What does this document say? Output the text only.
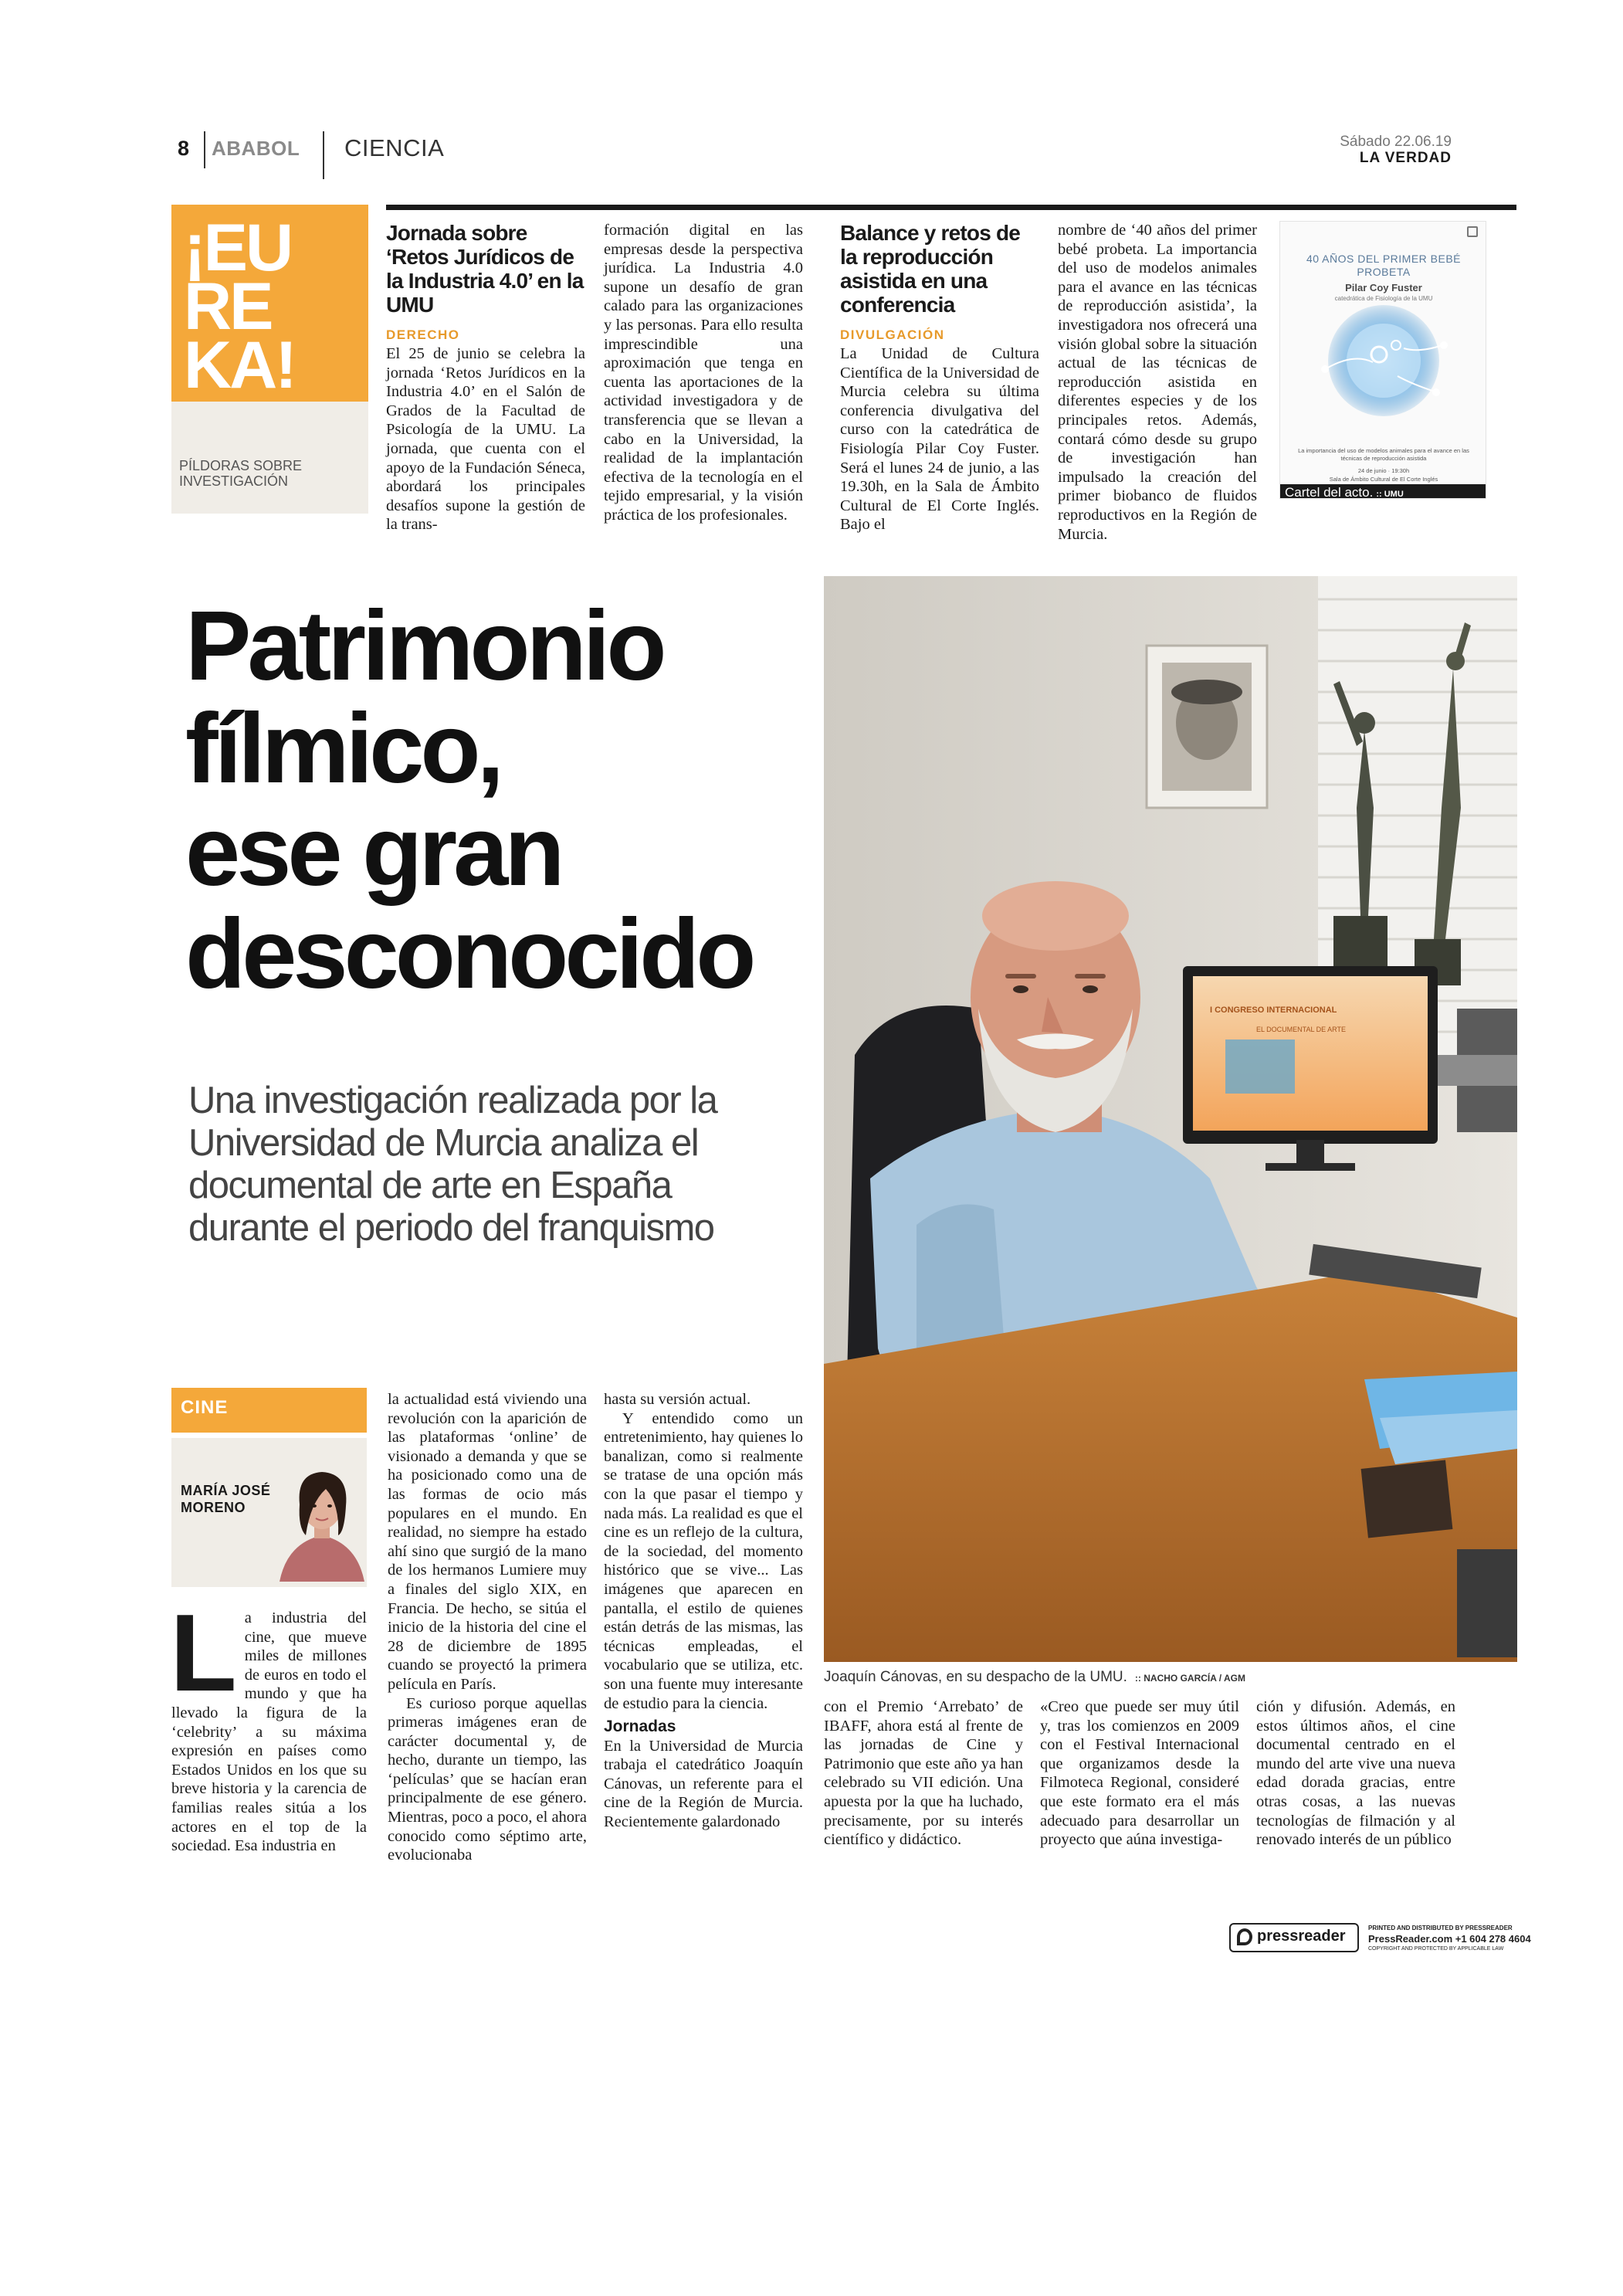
8 ABABOL CIENCIA	Sábado 22.06.19
LA VERDAD
¡EU
RE
KA!
PÍLDORAS SOBRE
INVESTIGACIÓN
Jornada sobre ‘Retos Jurídicos de la Industria 4.0’ en la UMU
DERECHO
El 25 de junio se celebra la jornada ‘Retos Jurídicos en la Industria 4.0’ en el Salón de Grados de la Facultad de Psicología de la UMU. La jornada, que cuenta con el apoyo de la Fundación Séneca, abordará los principales desafíos supone la gestión de la trans-
formación digital en las empresas desde la perspectiva jurídica. La Industria 4.0 supone un desafío de gran calado para las organizaciones y las personas. Para ello resulta imprescindible una aproximación que tenga en cuenta las aportaciones de la actividad investigadora y de transferencia que se llevan a cabo en la Universidad, la realidad de la implantación efectiva de la tecnología en el tejido empresarial, y la visión práctica de los profesionales.
Balance y retos de la reproducción asistida en una conferencia
DIVULGACIÓN
La Unidad de Cultura Científica de la Universidad de Murcia celebra su última conferencia divulgativa del curso con la catedrática de Fisiología Pilar Coy Fuster. Será el lunes 24 de junio, a las 19.30h, en la Sala de Ámbito Cultural de El Corte Inglés. Bajo el
nombre de ‘40 años del primer bebé probeta. La importancia del uso de modelos animales para el avance en las técnicas de reproducción asistida’, la investigadora nos ofrecerá una visión global sobre la situación actual de las técnicas de reproducción asistida en diferentes especies y de los principales retos. Además, contará cómo desde su grupo de investigación han impulsado la creación del primer biobanco de fluidos reproductivos en la Región de Murcia.
40 AÑOS DEL PRIMER BEBÉ PROBETA
Pilar Coy Fuster
catedrática de Fisiología de la UMU
La importancia del uso de modelos animales para el avance en las técnicas de reproducción asistida
24 de junio · 19:30h
Sala de Ámbito Cultural de El Corte Inglés
Cartel del acto. :: UMU
Patrimonio
fílmico,
ese gran
desconocido
Una investigación realizada por la
Universidad de Murcia analiza el
documental de arte en España
durante el periodo del franquismo
I CONGRESO INTERNACIONAL
EL DOCUMENTAL DE ARTE
Joaquín Cánovas, en su despacho de la UMU. :: NACHO GARCÍA / AGM
CINE
MARÍA JOSÉ
MORENO
L a industria del cine, que mueve miles de millones de euros en todo el mundo y que ha llevado la figura de la ‘celebrity’ a su máxima expresión en países como Estados Unidos en los que su breve historia y la carencia de familias reales sitúa a los actores en el top de la sociedad. Esa industria en

la actualidad está viviendo una revolución con la aparición de las plataformas ‘online’ de visionado a demanda y que se ha posicionado como una de las formas de ocio más populares en el mundo. En realidad, no siempre ha estado ahí sino que surgió de la mano de los hermanos Lumiere muy a finales del siglo XIX, en Francia. De hecho, se sitúa el inicio de la historia del cine el 28 de diciembre de 1895 cuando se proyectó la primera película en París.

Es curioso porque aquellas primeras imágenes eran de carácter documental y, de hecho, durante un tiempo, las ‘películas’ que se hacían eran principalmente de ese género. Mientras, poco a poco, el ahora conocido como séptimo arte, evolucionaba

hasta su versión actual.

Y entendido como un entretenimiento, hay quienes lo banalizan, como si realmente se tratase de una opción más con la que pasar el tiempo y nada más. La realidad es que el cine es un reflejo de la cultura, de la sociedad, del momento histórico que se vive... Las imágenes que aparecen en pantalla, el estilo de quienes están detrás de las mismas, las técnicas empleadas, el vocabulario que se utiliza, etc. son una fuente muy interesante de estudio para la ciencia.

Jornadas

En la Universidad de Murcia trabaja el catedrático Joaquín Cánovas, un referente para el cine de la Región de Murcia. Recientemente galardonado

con el Premio ‘Arrebato’ de IBAFF, ahora está al frente de las jornadas de Cine y Patrimonio que este año ya han celebrado su VII edición. Una apuesta por la que ha luchado, precisamente, por su interés científico y didáctico.
«Creo que puede ser muy útil y, tras los comienzos en 2009 con el Festival Internacional que organizamos desde la Filmoteca Regional, consideré que este formato era el más adecuado para desarrollar un proyecto que aúna investiga-
ción y difusión. Además, en estos últimos años, el cine documental centrado en el mundo del arte vive una nueva edad dorada gracias, entre otras cosas, a las nuevas tecnologías de filmación y al renovado interés de un público
pressreader	PRINTED AND DISTRIBUTED BY PRESSREADER
PressReader.com +1 604 278 4604
COPYRIGHT AND PROTECTED BY APPLICABLE LAW
